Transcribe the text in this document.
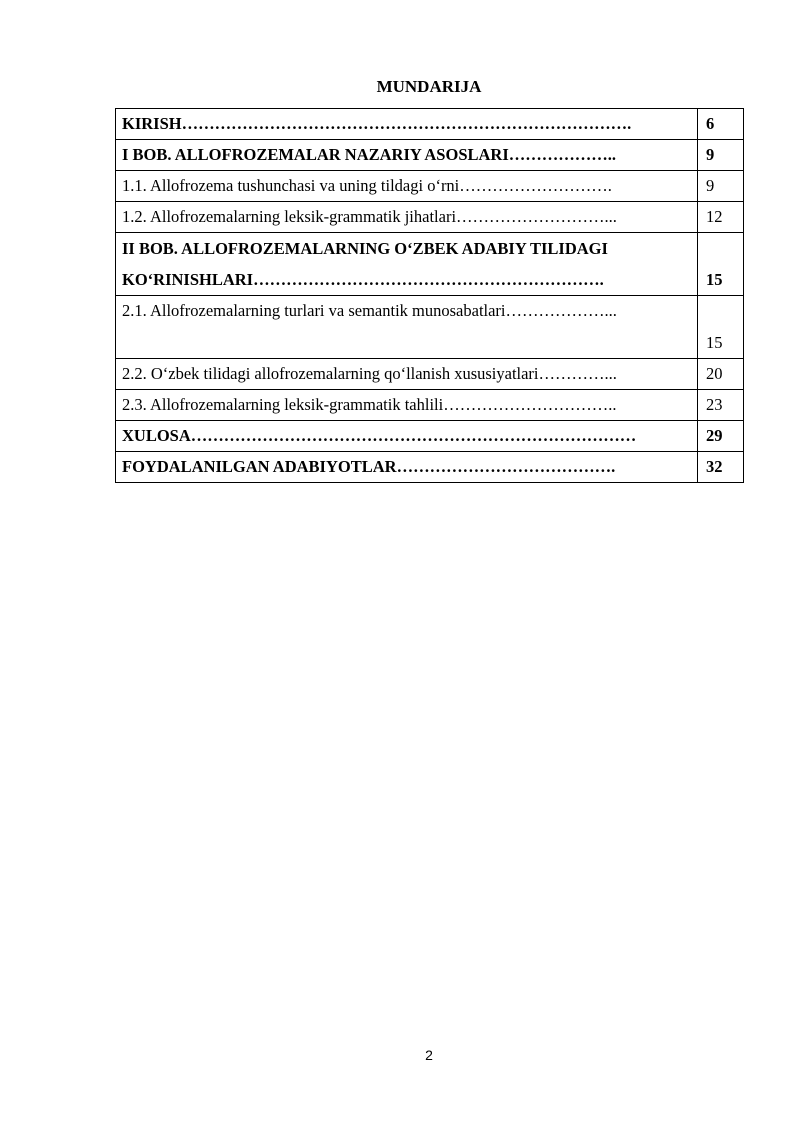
MUNDARIJA
KIRISH……………………………………………………………………….	6
I BOB. ALLOFROZEMALAR NAZARIY ASOSLARI………………..	9
1.1. Allofrozema tushunchasi va uning tildagi o‘rni……………………….	9
1.2. Allofrozemalarning leksik-grammatik jihatlari………………………...	12

II BOB. ALLOFROZEMALARNING O‘ZBEK ADABIY TILIDAGI
KO‘RINISHLARI……………………………………………………….	15
2.1. Allofrozemalarning turlari va semantik munosabatlari………………...	15
2.2. O‘zbek tilidagi allofrozemalarning qo‘llanish xususiyatlari…………...	20
2.3. Allofrozemalarning leksik-grammatik tahlili…………………………..	23
XULOSA………………………………………………………………………	29
FOYDALANILGAN ADABIYOTLAR………………………………….	32
2
